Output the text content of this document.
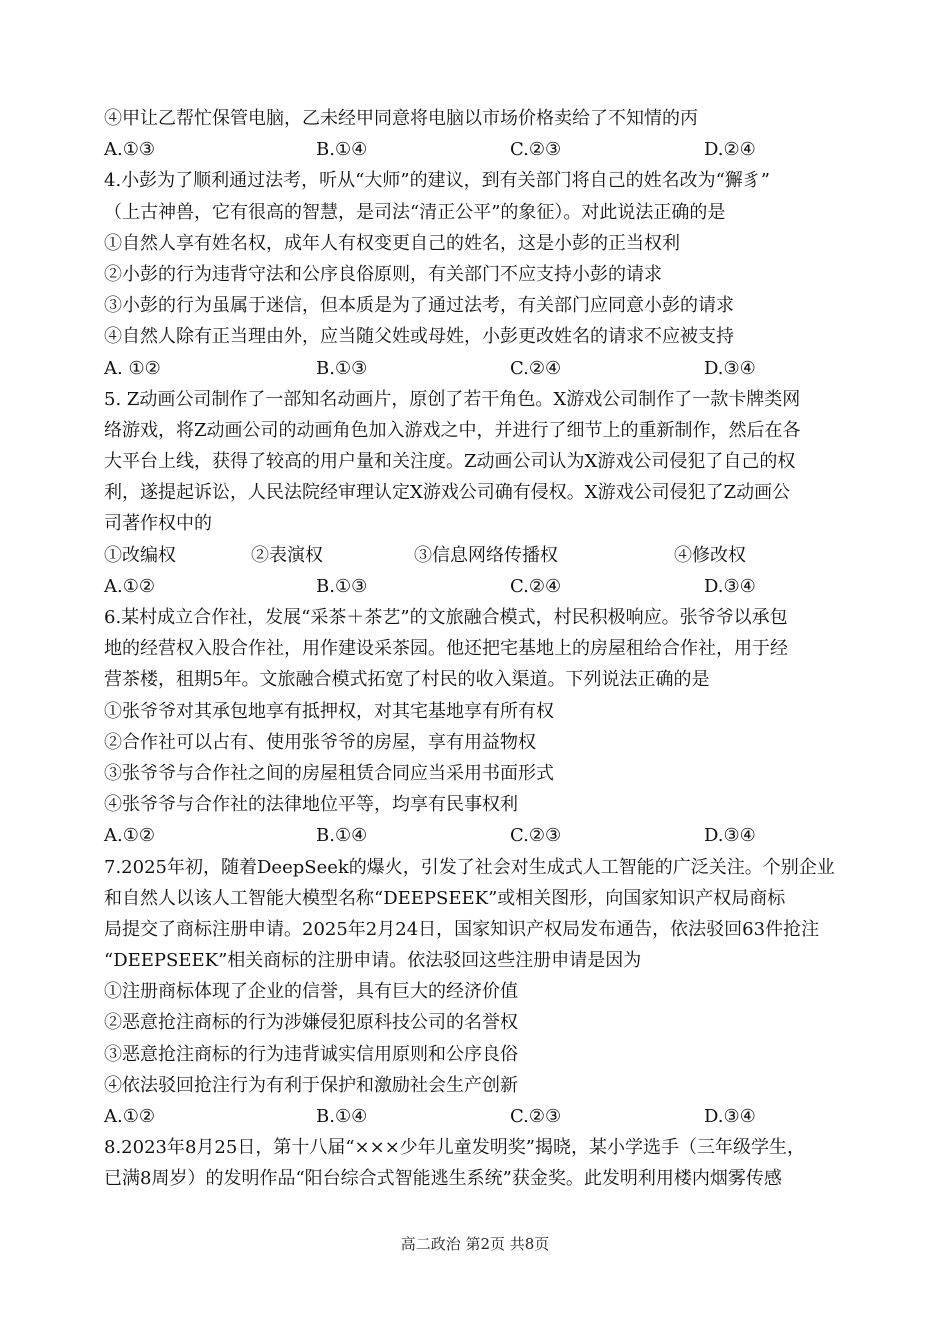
④甲让乙帮忙保管电脑，乙未经甲同意将电脑以市场价格卖给了不知情的丙
A.①③	B.①④	C.②③	D.②④
4.小彭为了顺利通过法考，听从“大师”的建议，到有关部门将自己的姓名改为“獬豸”
（上古神兽，它有很高的智慧，是司法“清正公平”的象征）。对此说法正确的是
①自然人享有姓名权，成年人有权变更自己的姓名，这是小彭的正当权利
②小彭的行为违背守法和公序良俗原则，有关部门不应支持小彭的请求
③小彭的行为虽属于迷信，但本质是为了通过法考，有关部门应同意小彭的请求
④自然人除有正当理由外，应当随父姓或母姓，小彭更改姓名的请求不应被支持
A. ①②	B.①③	C.②④	D.③④
5. Z动画公司制作了一部知名动画片，原创了若干角色。X游戏公司制作了一款卡牌类网
络游戏，将Z动画公司的动画角色加入游戏之中，并进行了细节上的重新制作，然后在各
大平台上线，获得了较高的用户量和关注度。Z动画公司认为X游戏公司侵犯了自己的权
利，遂提起诉讼，人民法院经审理认定X游戏公司确有侵权。X游戏公司侵犯了Z动画公
司著作权中的
①改编权	②表演权	③信息网络传播权	④修改权
A.①②	B.①③	C.②④	D.③④
6.某村成立合作社，发展“采茶＋茶艺”的文旅融合模式，村民积极响应。张爷爷以承包
地的经营权入股合作社，用作建设采茶园。他还把宅基地上的房屋租给合作社，用于经
营茶楼，租期5年。文旅融合模式拓宽了村民的收入渠道。下列说法正确的是
①张爷爷对其承包地享有抵押权，对其宅基地享有所有权
②合作社可以占有、使用张爷爷的房屋，享有用益物权
③张爷爷与合作社之间的房屋租赁合同应当采用书面形式
④张爷爷与合作社的法律地位平等，均享有民事权利
A.①②	B.①④	C.②③	D.③④
7.2025年初，随着DeepSeek的爆火，引发了社会对生成式人工智能的广泛关注。个别企业
和自然人以该人工智能大模型名称“DEEPSEEK”或相关图形，向国家知识产权局商标
局提交了商标注册申请。2025年2月24日，国家知识产权局发布通告，依法驳回63件抢注
“DEEPSEEK”相关商标的注册申请。依法驳回这些注册申请是因为
①注册商标体现了企业的信誉，具有巨大的经济价值
②恶意抢注商标的行为涉嫌侵犯原科技公司的名誉权
③恶意抢注商标的行为违背诚实信用原则和公序良俗
④依法驳回抢注行为有利于保护和激励社会生产创新
A.①②	B.①④	C.②③	D.③④
8.2023年8月25日，第十八届“×××少年儿童发明奖”揭晓，某小学选手（三年级学生，
已满8周岁）的发明作品“阳台综合式智能逃生系统”获金奖。此发明利用楼内烟雾传感
高二政治 第2页 共8页
